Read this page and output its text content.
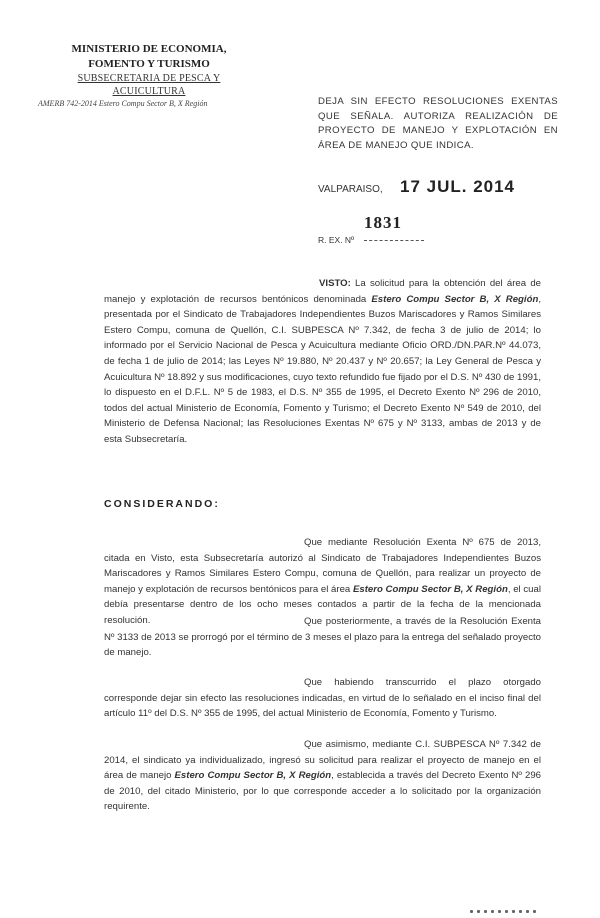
MINISTERIO DE ECONOMIA,
FOMENTO Y TURISMO
SUBSECRETARIA DE PESCA Y ACUICULTURA
AMERB 742-2014 Estero Compu Sector B, X Región	DEJA SIN EFECTO RESOLUCIONES EXENTAS QUE SEÑALA. AUTORIZA REALIZACIÓN DE PROYECTO DE MANEJO Y EXPLOTACIÓN EN ÁREA DE MANEJO QUE INDICA.
VALPARAISO, 17 JUL. 2014
1831
R. EX. Nº
VISTO: La solicitud para la obtención del área de manejo y explotación de recursos bentónicos denominada Estero Compu Sector B, X Región, presentada por el Sindicato de Trabajadores Independientes Buzos Mariscadores y Ramos Similares Estero Compu, comuna de Quellón, C.I. SUBPESCA Nº 7.342, de fecha 3 de julio de 2014; lo informado por el Servicio Nacional de Pesca y Acuicultura mediante Oficio ORD./DN.PAR.Nº 44.073, de fecha 1 de julio de 2014; las Leyes Nº 19.880, Nº 20.437 y Nº 20.657; la Ley General de Pesca y Acuicultura Nº 18.892 y sus modificaciones, cuyo texto refundido fue fijado por el D.S. Nº 430 de 1991, lo dispuesto en el D.F.L. Nº 5 de 1983, el D.S. Nº 355 de 1995, el Decreto Exento Nº 296 de 2010, todos del actual Ministerio de Economía, Fomento y Turismo; el Decreto Exento Nº 549 de 2010, del Ministerio de Defensa Nacional; las Resoluciones Exentas Nº 675 y Nº 3133, ambas de 2013 y de esta Subsecretaría.
CONSIDERANDO:
Que mediante Resolución Exenta Nº 675 de 2013, citada en Visto, esta Subsecretaría autorizó al Sindicato de Trabajadores Independientes Buzos Mariscadores y Ramos Similares Estero Compu, comuna de Quellón, para realizar un proyecto de manejo y explotación de recursos bentónicos para el área Estero Compu Sector B, X Región, el cual debía presentarse dentro de los ocho meses contados a partir de la fecha de la mencionada resolución.	Que posteriormente, a través de la Resolución Exenta Nº 3133 de 2013 se prorrogó por el término de 3 meses el plazo para la entrega del señalado proyecto de manejo.
Que habiendo transcurrido el plazo otorgado corresponde dejar sin efecto las resoluciones indicadas, en virtud de lo señalado en el inciso final del artículo 11º del D.S. Nº 355 de 1995, del actual Ministerio de Economía, Fomento y Turismo.
Que asimismo, mediante C.I. SUBPESCA Nº 7.342 de 2014, el sindicato ya individualizado, ingresó su solicitud para realizar el proyecto de manejo en el área de manejo Estero Compu Sector B, X Región, establecida a través del Decreto Exento Nº 296 de 2010, del citado Ministerio, por lo que corresponde acceder a lo solicitado por la organización requirente.
